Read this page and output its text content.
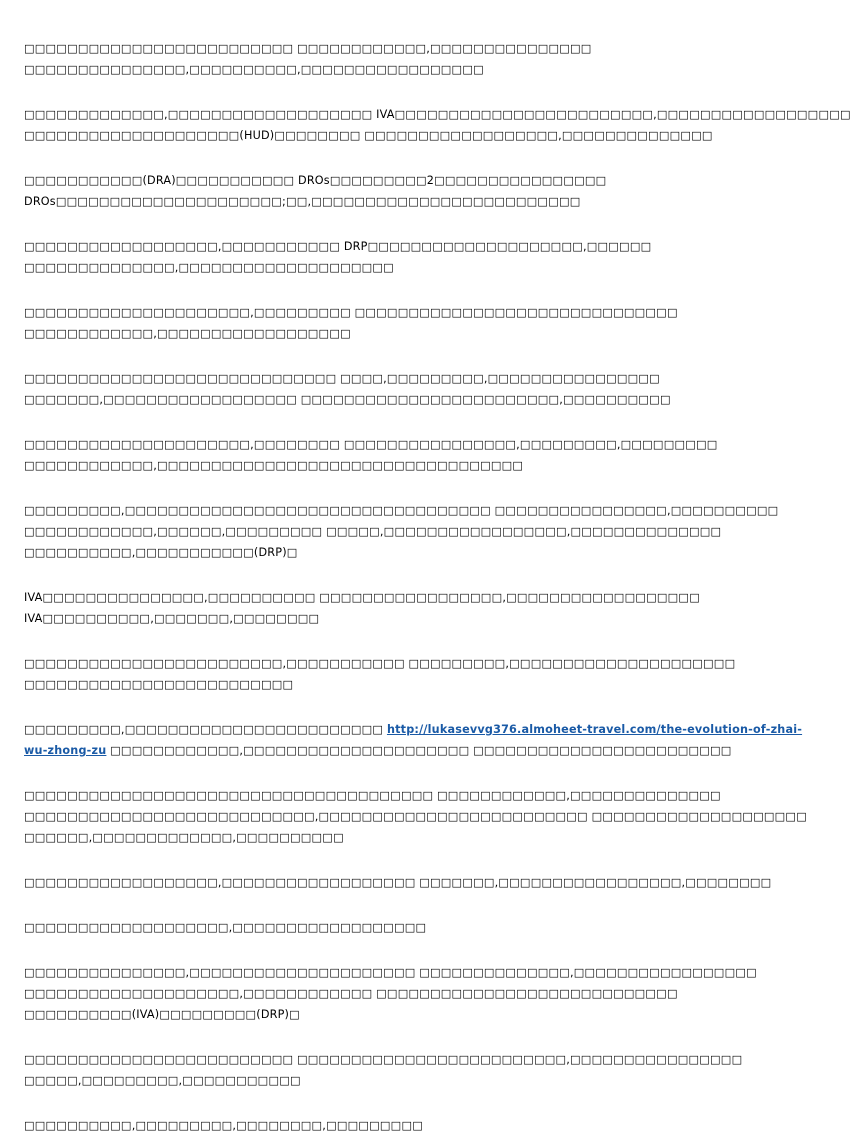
□□□□□□□□□□□□□□□□□□□□□□□□□ □□□□□□□□□□□□,□□□□□□□□□□□□□□□
□□□□□□□□□□□□□□□,□□□□□□□□□□,□□□□□□□□□□□□□□□□□
□□□□□□□□□□□□□,□□□□□□□□□□□□□□□□□□□ IVA□□□□□□□□□□□□□□□□□□□□□□□□,□□□□□□□□□□□□□□□□□□
□□□□□□□□□□□□□□□□□□□□(HUD)□□□□□□□□ □□□□□□□□□□□□□□□□□□,□□□□□□□□□□□□□□
□□□□□□□□□□□(DRA)□□□□□□□□□□□ DROs□□□□□□□□□2□□□□□□□□□□□□□□□□
DROs□□□□□□□□□□□□□□□□□□□□□;□□,□□□□□□□□□□□□□□□□□□□□□□□□□
□□□□□□□□□□□□□□□□□□,□□□□□□□□□□□ DRP□□□□□□□□□□□□□□□□□□□□,□□□□□□
□□□□□□□□□□□□□□,□□□□□□□□□□□□□□□□□□□□
□□□□□□□□□□□□□□□□□□□□□,□□□□□□□□□ □□□□□□□□□□□□□□□□□□□□□□□□□□□□□□
□□□□□□□□□□□□,□□□□□□□□□□□□□□□□□□
□□□□□□□□□□□□□□□□□□□□□□□□□□□□□ □□□□,□□□□□□□□□,□□□□□□□□□□□□□□□□
□□□□□□□,□□□□□□□□□□□□□□□□□□ □□□□□□□□□□□□□□□□□□□□□□□□,□□□□□□□□□□
□□□□□□□□□□□□□□□□□□□□□,□□□□□□□□ □□□□□□□□□□□□□□□□,□□□□□□□□□,□□□□□□□□□
□□□□□□□□□□□□,□□□□□□□□□□□□□□□□□□□□□□□□□□□□□□□□□□
□□□□□□□□□,□□□□□□□□□□□□□□□□□□□□□□□□□□□□□□□□□□ □□□□□□□□□□□□□□□□,□□□□□□□□□□
□□□□□□□□□□□□,□□□□□□,□□□□□□□□□ □□□□□,□□□□□□□□□□□□□□□□□,□□□□□□□□□□□□□□
□□□□□□□□□□,□□□□□□□□□□□(DRP)□
IVA□□□□□□□□□□□□□□□,□□□□□□□□□□ □□□□□□□□□□□□□□□□□,□□□□□□□□□□□□□□□□□□
IVA□□□□□□□□□□,□□□□□□□,□□□□□□□□
□□□□□□□□□□□□□□□□□□□□□□□□,□□□□□□□□□□□ □□□□□□□□□,□□□□□□□□□□□□□□□□□□□□□
□□□□□□□□□□□□□□□□□□□□□□□□□
□□□□□□□□□,□□□□□□□□□□□□□□□□□□□□□□□□ http://lukasevvg376.almoheet-travel.com/the-evolution-of-zhai-
wu-zhong-zu □□□□□□□□□□□□,□□□□□□□□□□□□□□□□□□□□□ □□□□□□□□□□□□□□□□□□□□□□□□
□□□□□□□□□□□□□□□□□□□□□□□□□□□□□□□□□□□□□□ □□□□□□□□□□□□,□□□□□□□□□□□□□□
□□□□□□□□□□□□□□□□□□□□□□□□□□□,□□□□□□□□□□□□□□□□□□□□□□□□□ □□□□□□□□□□□□□□□□□□□□
□□□□□□,□□□□□□□□□□□□□,□□□□□□□□□□
□□□□□□□□□□□□□□□□□□,□□□□□□□□□□□□□□□□□□ □□□□□□□,□□□□□□□□□□□□□□□□□,□□□□□□□□
□□□□□□□□□□□□□□□□□□□,□□□□□□□□□□□□□□□□□□
□□□□□□□□□□□□□□□,□□□□□□□□□□□□□□□□□□□□□ □□□□□□□□□□□□□□,□□□□□□□□□□□□□□□□□
□□□□□□□□□□□□□□□□□□□□,□□□□□□□□□□□□ □□□□□□□□□□□□□□□□□□□□□□□□□□□□
□□□□□□□□□□(IVA)□□□□□□□□□(DRP)□
□□□□□□□□□□□□□□□□□□□□□□□□□ □□□□□□□□□□□□□□□□□□□□□□□□□,□□□□□□□□□□□□□□□□
□□□□□,□□□□□□□□□,□□□□□□□□□□□
□□□□□□□□□□,□□□□□□□□□,□□□□□□□□,□□□□□□□□□
